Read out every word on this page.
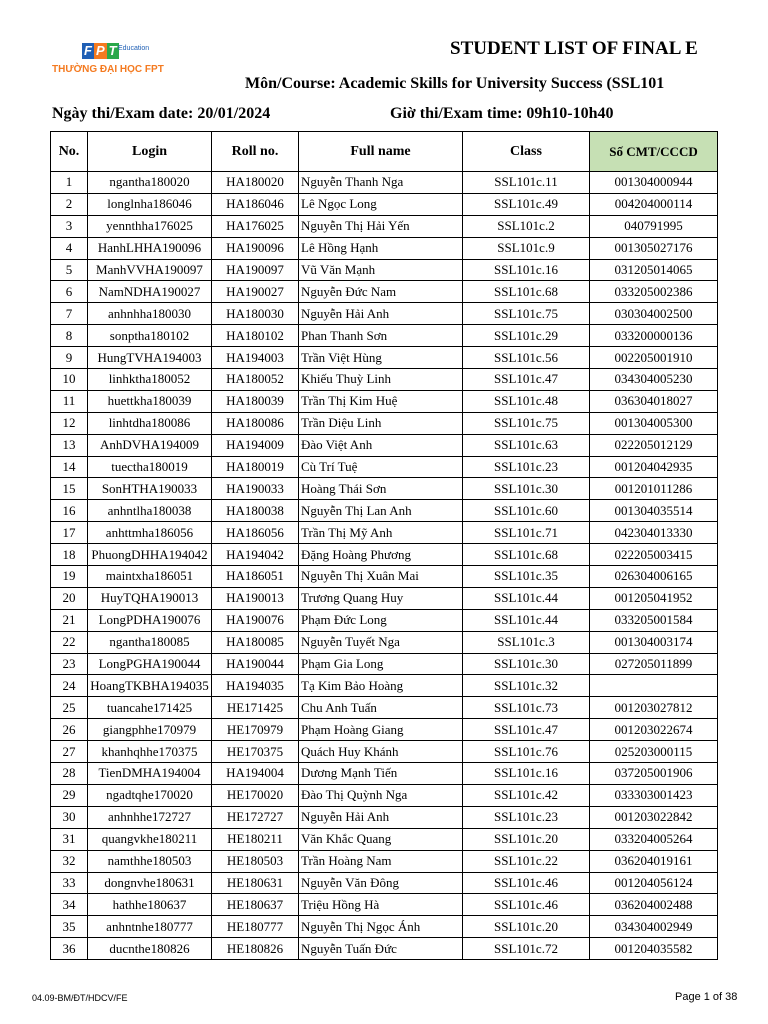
F P T Education
THƯỜNG ĐẠI HỌC FPT
STUDENT LIST OF FINAL E
Môn/Course: Academic Skills for University Success (SSL101
Ngày thi/Exam date: 20/01/2024	Giờ thi/Exam time: 09h10-10h40
No.	Login	Roll no.	Full name	Class	Số CMT/CCCD
1	ngantha180020	HA180020	Nguyễn Thanh Nga	SSL101c.11	001304000944
2	longlnha186046	HA186046	Lê Ngọc Long	SSL101c.49	004204000114
3	yennthha176025	HA176025	Nguyễn Thị Hải Yến	SSL101c.2	040791995
4	HanhLHHA190096	HA190096	Lê Hồng Hạnh	SSL101c.9	001305027176
5	ManhVVHA190097	HA190097	Vũ Văn Mạnh	SSL101c.16	031205014065
6	NamNDHA190027	HA190027	Nguyễn Đức Nam	SSL101c.68	033205002386
7	anhnhha180030	HA180030	Nguyễn Hải Anh	SSL101c.75	030304002500
8	sonptha180102	HA180102	Phan Thanh Sơn	SSL101c.29	033200000136
9	HungTVHA194003	HA194003	Trần Việt Hùng	SSL101c.56	002205001910
10	linhktha180052	HA180052	Khiếu Thuỳ Linh	SSL101c.47	034304005230
11	huettkha180039	HA180039	Trần Thị Kim Huệ	SSL101c.48	036304018027
12	linhtdha180086	HA180086	Trần Diệu Linh	SSL101c.75	001304005300
13	AnhDVHA194009	HA194009	Đào Việt Anh	SSL101c.63	022205012129
14	tuectha180019	HA180019	Cù Trí Tuệ	SSL101c.23	001204042935
15	SonHTHA190033	HA190033	Hoàng Thái Sơn	SSL101c.30	001201011286
16	anhntlha180038	HA180038	Nguyễn Thị Lan Anh	SSL101c.60	001304035514
17	anhttmha186056	HA186056	Trần Thị Mỹ Anh	SSL101c.71	042304013330
18	PhuongDHHA194042	HA194042	Đặng Hoàng Phương	SSL101c.68	022205003415
19	maintxha186051	HA186051	Nguyễn Thị Xuân Mai	SSL101c.35	026304006165
20	HuyTQHA190013	HA190013	Trương Quang Huy	SSL101c.44	001205041952
21	LongPDHA190076	HA190076	Phạm Đức Long	SSL101c.44	033205001584
22	ngantha180085	HA180085	Nguyễn Tuyết Nga	SSL101c.3	001304003174
23	LongPGHA190044	HA190044	Phạm Gia Long	SSL101c.30	027205011899
24	HoangTKBHA194035	HA194035	Tạ Kim Bảo Hoàng	SSL101c.32	
25	tuancahe171425	HE171425	Chu Anh Tuấn	SSL101c.73	001203027812
26	giangphhe170979	HE170979	Phạm Hoàng Giang	SSL101c.47	001203022674
27	khanhqhhe170375	HE170375	Quách Huy Khánh	SSL101c.76	025203000115
28	TienDMHA194004	HA194004	Dương Mạnh Tiến	SSL101c.16	037205001906
29	ngadtqhe170020	HE170020	Đào Thị Quỳnh Nga	SSL101c.42	033303001423
30	anhnhhe172727	HE172727	Nguyễn Hải Anh	SSL101c.23	001203022842
31	quangvkhe180211	HE180211	Văn Khắc Quang	SSL101c.20	033204005264
32	namthhe180503	HE180503	Trần Hoàng Nam	SSL101c.22	036204019161
33	dongnvhe180631	HE180631	Nguyễn Văn Đông	SSL101c.46	001204056124
34	hathhe180637	HE180637	Triệu Hồng Hà	SSL101c.46	036204002488
35	anhntnhe180777	HE180777	Nguyễn Thị Ngọc Ánh	SSL101c.20	034304002949
36	ducnthe180826	HE180826	Nguyễn Tuấn Đức	SSL101c.72	001204035582
04.09-BM/ĐT/HDCV/FE	Page 1 of 38
